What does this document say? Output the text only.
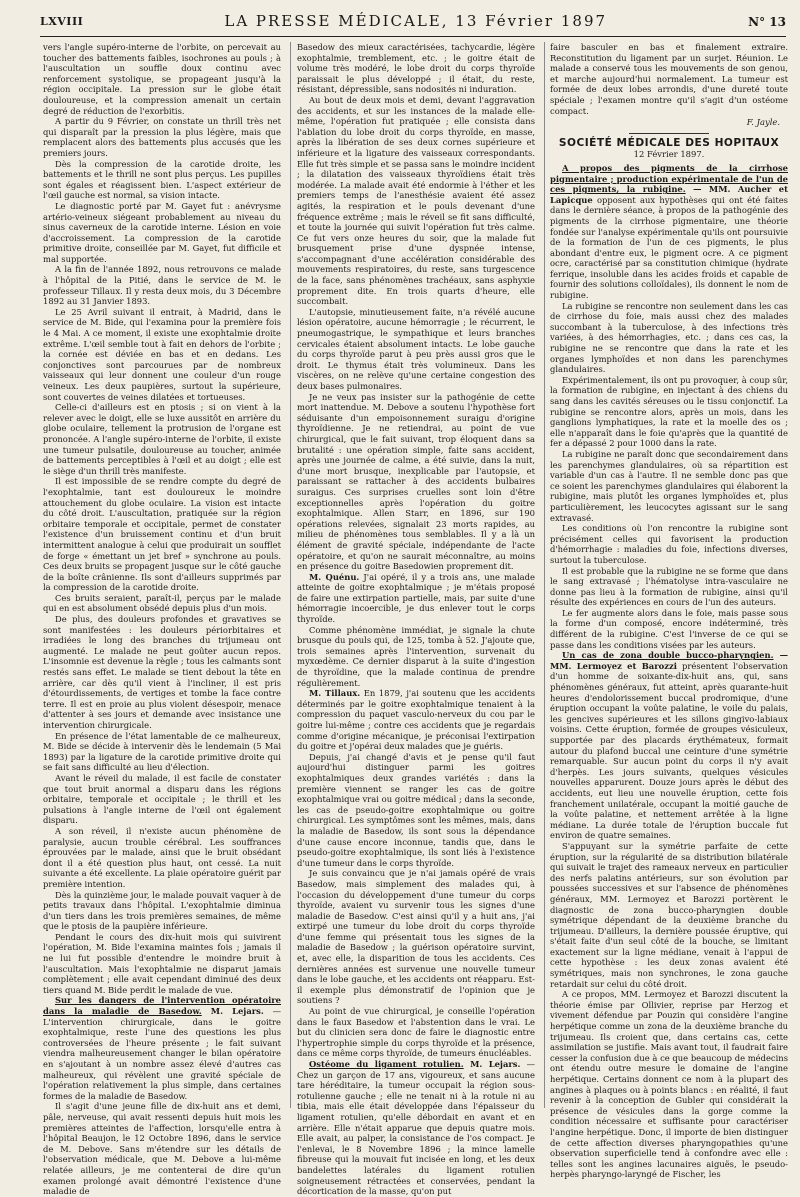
LXVIII	LA PRESSE MÉDICALE, 13 Février 1897	N° 13

vers l'angle supéro-interne de l'orbite, on percevait au toucher des battements faibles, isochrones au pouls ; à l'auscultation un souffle doux continu avec renforcement systolique, se propageant jusqu'à la région occipitale. La pression sur le globe était douloureuse, et la compression amenait un certain degré de réduction de l'exorbitis.

A partir du 9 Février, on constate un thrill très net qui disparaît par la pression la plus légère, mais que remplacent alors des battements plus accusés que les premiers jours.

Dès la compression de la carotide droite, les battements et le thrill ne sont plus perçus. Les pupilles sont égales et réagissent bien. L'aspect extérieur de l'œil gauche est normal, sa vision intacte.

Le diagnostic porté par M. Gayet fut : anévrysme artério-veineux siégeant probablement au niveau du sinus caverneux de la carotide interne. Lésion en voie d'accroissement. La compression de la carotide primitive droite, conseillée par M. Gayet, fut difficile et mal supportée.

A la fin de l'année 1892, nous retrouvons ce malade à l'hôpital de la Pitié, dans le service de M. le professeur Tillaux. Il y resta deux mois, du 3 Décembre 1892 au 31 Janvier 1893.

Le 25 Avril suivant il entrait, à Madrid, dans le service de M. Bide, qui l'examina pour la première fois le 4 Mai. A ce moment, il existe une exophtalmie droite extrême. L'œil semble tout à fait en dehors de l'orbite ; la cornée est déviée en bas et en dedans. Les conjonctives sont parcourues par de nombreux vaisseaux qui leur donnent une couleur d'un rouge veineux. Les deux paupières, surtout la supérieure, sont couvertes de veines dilatées et tortueuses.

Celle-ci d'ailleurs est en ptosis ; si on vient à la relever avec le doigt, elle se luxe aussitôt en arrière du globe oculaire, tellement la protrusion de l'organe est prononcée. A l'angle supéro-interne de l'orbite, il existe une tumeur pulsatile, douloureuse au toucher, animée de battements perceptibles à l'œil et au doigt ; elle est le siège d'un thrill très manifeste.

Il est impossible de se rendre compte du degré de l'exophtalmie, tant est douloureux le moindre attouchement du globe oculaire. La vision est intacte du côté droit. L'auscultation, pratiquée sur la région orbitaire temporale et occipitale, permet de constater l'existence d'un bruissement continu et d'un bruit intermittent analogue à celui que produirait un soufflet de forge « émettant un jet bref » synchrone au pouls. Ces deux bruits se propagent jusque sur le côté gauche de la boîte crânienne. Ils sont d'ailleurs supprimés par la compression de la carotide droite.

Ces bruits seraient, paraît-il, perçus par le malade qui en est absolument obsédé depuis plus d'un mois.

De plus, des douleurs profondes et gravatives se sont manifestées : les douleurs périorbitaires et irradiées le long des branches du trijumeau ont augmenté. Le malade ne peut goûter aucun repos. L'insomnie est devenue la règle ; tous les calmants sont restés sans effet. Le malade se tient debout la tête en arrière, car dès qu'il vient à l'incliner, il est pris d'étourdissements, de vertiges et tombe la face contre terre. Il est en proie au plus violent désespoir, menace d'attenter à ses jours et demande avec insistance une intervention chirurgicale.

En présence de l'état lamentable de ce malheureux, M. Bide se décide à intervenir dès le lendemain (5 Mai 1893) par la ligature de la carotide primitive droite qui se fait sans difficulté au lieu d'élection.

Avant le réveil du malade, il est facile de constater que tout bruit anormal a disparu dans les régions orbitaire, temporale et occipitale ; le thrill et les pulsations à l'angle interne de l'œil ont également disparu.

A son réveil, il n'existe aucun phénomène de paralysie, aucun trouble cérébral. Les souffrances éprouvées par le malade, ainsi que le bruit obsédant dont il a été question plus haut, ont cessé. La nuit suivante a été excellente. La plaie opératoire guérit par première intention.

Dès la quinzième jour, le malade pouvait vaquer à de petits travaux dans l'hôpital. L'exophtalmie diminua d'un tiers dans les trois premières semaines, de même que le ptosis de la paupière inférieure.

Pendant le cours des dix-huit mois qui suivirent l'opération, M. Bide l'examina maintes fois ; jamais il ne lui fut possible d'entendre le moindre bruit à l'auscultation. Mais l'exophtalmie ne disparut jamais complètement ; elle avait cependant diminué des deux tiers quand M. Bide perdit le malade de vue.

Sur les dangers de l'intervention opératoire dans la maladie de Basedow. M. Lejars. — L'intervention chirurgicale, dans le goitre exophtalmique, reste l'une des questions les plus controversées de l'heure présente ; le fait suivant viendra malheureusement changer le bilan opératoire en s'ajoutant à un nombre assez élevé d'autres cas malheureux, qui révèlent une gravité spéciale de l'opération relativement la plus simple, dans certaines formes de la maladie de Basedow.

Il s'agit d'une jeune fille de dix-huit ans et demi, pâle, nerveuse, qui avait ressenti depuis huit mois les premières atteintes de l'affection, lorsqu'elle entra à l'hôpital Beaujon, le 12 Octobre 1896, dans le service de M. Debove. Sans m'étendre sur les détails de l'observation médicale, que M. Debove a lui-même relatée ailleurs, je me contenterai de dire qu'un examen prolongé avait démontré l'existence d'une maladie de

Basedow des mieux caractérisées, tachycardie, légère exophtalmie, tremblement, etc. ; le goitre était de volume très modéré, le lobe droit du corps thyroïde paraissait le plus développé ; il était, du reste, résistant, dépressible, sans nodosités ni induration.

Au bout de deux mois et demi, devant l'aggravation des accidents, et sur les instances de la malade elle-même, l'opération fut pratiquée ; elle consista dans l'ablation du lobe droit du corps thyroïde, en masse, après la libération de ses deux cornes supérieure et inférieure et la ligature des vaisseaux correspondants. Elle fut très simple et se passa sans le moindre incident ; la dilatation des vaisseaux thyroïdiens était très modérée. La malade avait été endormie à l'éther et les premiers temps de l'anesthésie avaient été assez agités, la respiration et le pouls devenant d'une fréquence extrême ; mais le réveil se fit sans difficulté, et toute la journée qui suivit l'opération fut très calme. Ce fut vers onze heures du soir, que la malade fut brusquement prise d'une dyspnée intense, s'accompagnant d'une accélération considérable des mouvements respiratoires, du reste, sans turgescence de la face, sans phénomènes trachéaux, sans asphyxie proprement dite. En trois quarts d'heure, elle succombait.

L'autopsie, minutieusement faite, n'a révélé aucune lésion opératoire, aucune hémorragie ; le récurrent, le pneumogastrique, le sympathique et leurs branches cervicales étaient absolument intacts. Le lobe gauche du corps thyroïde parut à peu près aussi gros que le droit. Le thymus était très volumineux. Dans les viscères, on ne relève qu'une certaine congestion des deux bases pulmonaires.

Je ne veux pas insister sur la pathogénie de cette mort inattendue. M. Debove a soutenu l'hypothèse fort séduisante d'un empoisonnement suraigu d'origine thyroïdienne. Je ne retiendrai, au point de vue chirurgical, que le fait suivant, trop éloquent dans sa brutalité : une opération simple, faite sans accident, après une journée de calme, a été suivie, dans la nuit, d'une mort brusque, inexplicable par l'autopsie, et paraissant se rattacher à des accidents bulbaires suraigus. Ces surprises cruelles sont loin d'être exceptionnelles après l'opération du goitre exophtalmique. Allen Starr, en 1896, sur 190 opérations relevées, signalait 23 morts rapides, au milieu de phénomènes tous semblables. Il y a là un élément de gravité spéciale, indépendante de l'acte opératoire, et qu'on ne saurait méconnaître, au moins en présence du goitre Basedowien proprement dit.

M. Quénu. J'ai opéré, il y a trois ans, une malade atteinte de goitre exophtalmique ; je m'étais proposé de faire une extirpation partielle, mais, par suite d'une hémorragie incoercible, je dus enlever tout le corps thyroïde.

Comme phénomène immédiat, je signale la chute brusque du pouls qui, de 125, tomba à 52. J'ajoute que, trois semaines après l'intervention, survenait du myxœdème. Ce dernier disparut à la suite d'ingestion de thyroïdine, que la malade continua de prendre régulièrement.

M. Tillaux. En 1879, j'ai soutenu que les accidents déterminés par le goitre exophtalmique tenaient à la compression du paquet vasculo-nerveux du cou par le goitre lui-même ; contre ces accidents que je regardais comme d'origine mécanique, je préconisai l'extirpation du goitre et j'opérai deux malades que je guéris.

Depuis, j'ai changé d'avis et je pense qu'il faut aujourd'hui distinguer parmi les goitres exophtalmiques deux grandes variétés : dans la première viennent se ranger les cas de goitre exophtalmique vrai ou goitre médical ; dans la seconde, les cas de pseudo-goitre exophtalmique ou goitre chirurgical. Les symptômes sont les mêmes, mais, dans la maladie de Basedow, ils sont sous la dépendance d'une cause encore inconnue, tandis que, dans le pseudo-goitre exophtalmique, ils sont liés à l'existence d'une tumeur dans le corps thyroïde.

Je suis convaincu que je n'ai jamais opéré de vrais Basedow, mais simplement des malades qui, à l'occasion du développement d'une tumeur du corps thyroïde, avaient vu survenir tous les signes d'une maladie de Basedow. C'est ainsi qu'il y a huit ans, j'ai extirpé une tumeur du lobe droit du corps thyroïde d'une femme qui présentait tous les signes de la maladie de Basedow ; la guérison opératoire survint, et, avec elle, la disparition de tous les accidents. Ces dernières années est survenue une nouvelle tumeur dans le lobe gauche, et les accidents ont réapparu. Est-il exemple plus démonstratif de l'opinion que je soutiens ?

Au point de vue chirurgical, je conseille l'opération dans le faux Basedow et l'abstention dans le vrai. Le but du clinicien sera donc de faire le diagnostic entre l'hypertrophie simple du corps thyroïde et la présence, dans ce même corps thyroïde, de tumeurs énucléables.

Ostéome du ligament rotulien. M. Lejars. — Chez un garçon de 17 ans, vigoureux, et sans aucune tare héréditaire, la tumeur occupait la région sous-rotulienne gauche ; elle ne tenait ni à la rotule ni au tibia, mais elle était développée dans l'épaisseur du ligament rotulien, qu'elle débordait en avant et en arrière. Elle n'était apparue que depuis quatre mois. Elle avait, au palper, la consistance de l'os compact. Je l'enlevai, le 8 Novembre 1896 ; la mince lamelle fibreuse qui la mouvait fut incisée en long, et les deux bandelettes latérales du ligament rotulien soigneusement rétractées et conservées, pendant la décortication de la masse, qu'on put

faire basculer en bas et finalement extraire. Reconstitution du ligament par un surjet. Réunion. Le malade a conservé tous les mouvements de son genou, et marche aujourd'hui normalement. La tumeur est formée de deux lobes arrondis, d'une dureté toute spéciale ; l'examen montre qu'il s'agit d'un ostéome compact.

F. Jayle.
SOCIÉTÉ MÉDICALE DES HOPITAUX
12 Février 1897.

A propos des pigments de la cirrhose pigmentaire ; production expérimentale de l'un de ces pigments, la rubigine. — MM. Aucher et Lapicque opposent aux hypothèses qui ont été faites dans le dernière séance, à propos de la pathogénie des pigments de la cirrhose pigmentaire, une théorie fondée sur l'analyse expérimentale qu'ils ont poursuivie de la formation de l'un de ces pigments, le plus abondant d'entre eux, le pigment ocre. A ce pigment ocre, caractérisé par sa constitution chimique (hydrate ferrique, insoluble dans les acides froids et capable de fournir des solutions colloïdales), ils donnent le nom de rubigine.

La rubigine se rencontre non seulement dans les cas de cirrhose du foie, mais aussi chez des malades succombant à la tuberculose, à des infections très variées, à des hémorrhagies, etc. ; dans ces cas, la rubigine ne se rencontre que dans la rate et les organes lymphoïdes et non dans les parenchymes glandulaires.

Expérimentalement, ils ont pu provoquer, à coup sûr, la formation de rubigine, en injectant à des chiens du sang dans les cavités séreuses ou le tissu conjonctif. La rubigine se rencontre alors, après un mois, dans les ganglions lymphatiques, la rate et la moelle des os ; elle n'apparaît dans le foie qu'après que la quantité de fer a dépassé 2 pour 1000 dans la rate.

La rubigine ne paraît donc que secondairement dans les parenchymes glandulaires, où sa répartition est variable d'un cas à l'autre. Il ne semble donc pas que ce soient les parenchymes glandulaires qui élaborent la rubigine, mais plutôt les organes lymphoïdes et, plus particulièrement, les leucocytes agissant sur le sang extravasé.

Les conditions où l'on rencontre la rubigine sont précisément celles qui favorisent la production d'hémorrhagie : maladies du foie, infections diverses, surtout la tuberculose.

Il est probable que la rubigine ne se forme que dans le sang extravasé ; l'hématolyse intra-vasculaire ne donne pas lieu à la formation de rubigine, ainsi qu'il résulte des expériences en cours de l'un des auteurs.

Le fer augmente alors dans le foie, mais passe sous la forme d'un composé, encore indéterminé, très différent de la rubigine. C'est l'inverse de ce qui se passe dans les conditions visées par les auteurs.

Un cas de zona double bucco-pharyngien. — MM. Lermoyez et Barozzi présentent l'observation d'un homme de soixante-dix-huit ans, qui, sans phénomènes généraux, fut atteint, après quarante-huit heures d'endolorissement buccal prodromique, d'une éruption occupant la voûte palatine, le voile du palais, les gencives supérieures et les sillons gingivo-labiaux voisins. Cette éruption, formée de groupes vésiculeux, supportée par des placards érythémateux, formait autour du plafond buccal une ceinture d'une symétrie remarquable. Sur aucun point du corps il n'y avait d'herpès. Les jours suivants, quelques vésicules nouvelles apparurent. Douze jours après le début des accidents, eut lieu une nouvelle éruption, cette fois franchement unilatérale, occupant la moitié gauche de la voûte palatine, et nettement arrêtée à la ligne médiane. La durée totale de l'éruption buccale fut environ de quatre semaines.

S'appuyant sur la symétrie parfaite de cette éruption, sur la régularité de sa distribution bilatérale qui suivait le trajet des rameaux nerveux en particulier des nerfs palatins antérieurs, sur son évolution par poussées successives et sur l'absence de phénomènes généraux, MM. Lermoyez et Barozzi portèrent le diagnostic de zona bucco-pharyngien double symétrique dépendant de la deuxième branche du trijumeau. D'ailleurs, la dernière poussée éruptive, qui s'était faite d'un seul côté de la bouche, se limitant exactement sur la ligne médiane, venait à l'appui de cette hypothèse : les deux zonas avaient été symétriques, mais non synchrones, le zona gauche retardait sur celui du côté droit.

A ce propos, MM. Lermoyez et Barozzi discutent la théorie émise par Ollivier, reprise par Herzog et vivement défendue par Pouzin qui considère l'angine herpétique comme un zona de la deuxième branche du trijumeau. Ils croient que, dans certains cas, cette assimilation se justifie. Mais avant tout, il faudrait faire cesser la confusion due à ce que beaucoup de médecins ont étendu outre mesure le domaine de l'angine herpétique. Certains donnent ce nom à la plupart des angines à plaques ou à points blancs : en réalité, il faut revenir à la conception de Gubler qui considérait la présence de vésicules dans la gorge comme la condition nécessaire et suffisante pour caractériser l'angine herpétique. Donc, il importe de bien distinguer de cette affection diverses pharyngopathies qu'une observation superficielle tend à confondre avec elle : telles sont les angines lacunaires aiguës, le pseudo-herpès pharyngo-laryngé de Fischer, les
